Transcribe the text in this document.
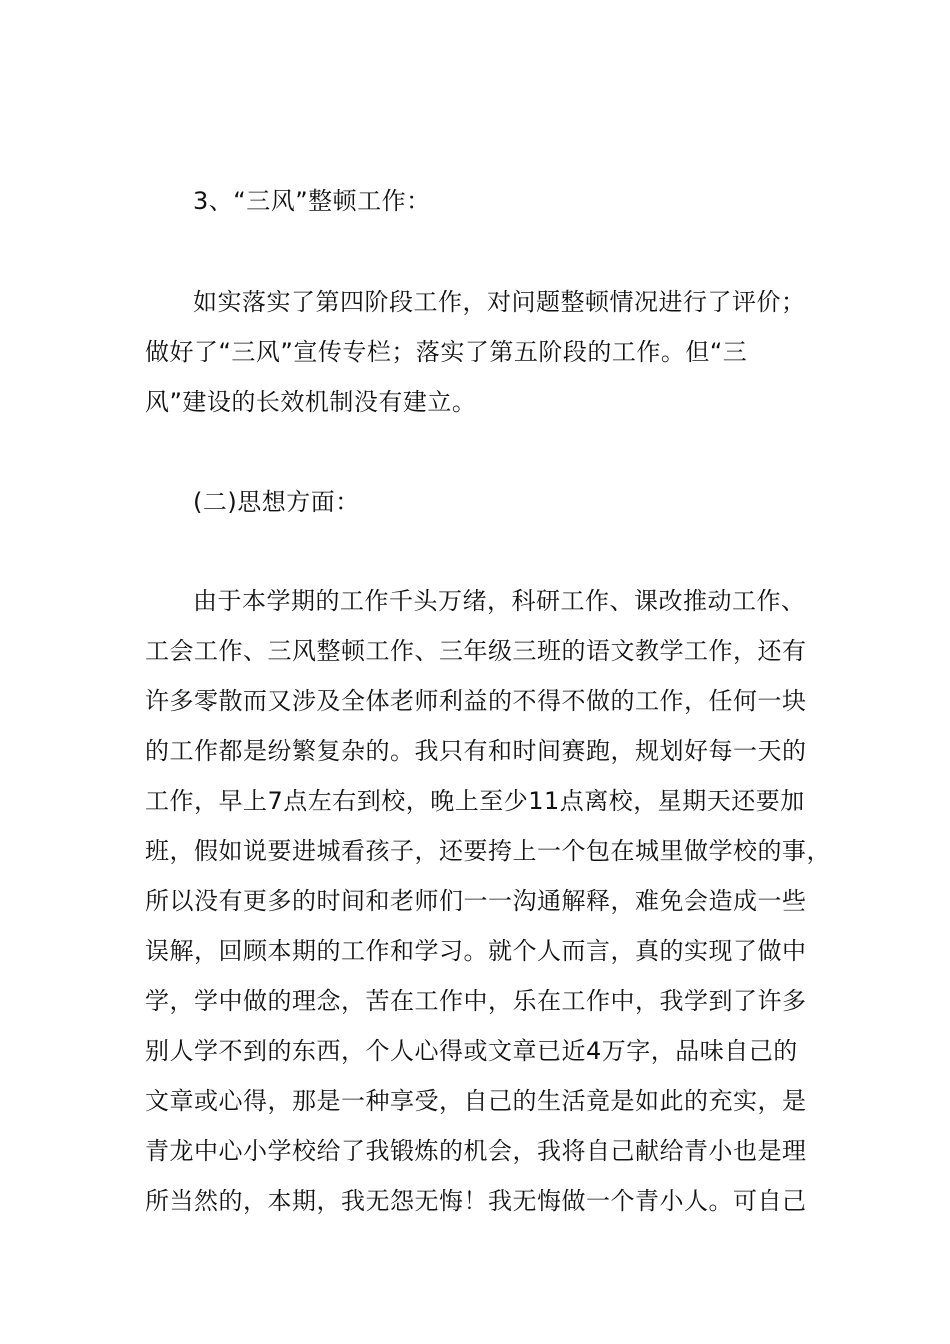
3、“三风”整顿工作：
如实落实了第四阶段工作，对问题整顿情况进行了评价；
做好了“三风”宣传专栏；落实了第五阶段的工作。但“三
风”建设的长效机制没有建立。
(二)思想方面：
由于本学期的工作千头万绪，科研工作、课改推动工作、
工会工作、三风整顿工作、三年级三班的语文教学工作，还有
许多零散而又涉及全体老师利益的不得不做的工作，任何一块
的工作都是纷繁复杂的。我只有和时间赛跑，规划好每一天的
工作，早上7点左右到校，晚上至少11点离校，星期天还要加
班，假如说要进城看孩子，还要挎上一个包在城里做学校的事，
所以没有更多的时间和老师们一一沟通解释，难免会造成一些
误解，回顾本期的工作和学习。就个人而言，真的实现了做中
学，学中做的理念，苦在工作中，乐在工作中，我学到了许多
别人学不到的东西，个人心得或文章已近4万字，品味自己的
文章或心得，那是一种享受，自己的生活竟是如此的充实，是
青龙中心小学校给了我锻炼的机会，我将自己献给青小也是理
所当然的，本期，我无怨无悔！我无悔做一个青小人。可自己
